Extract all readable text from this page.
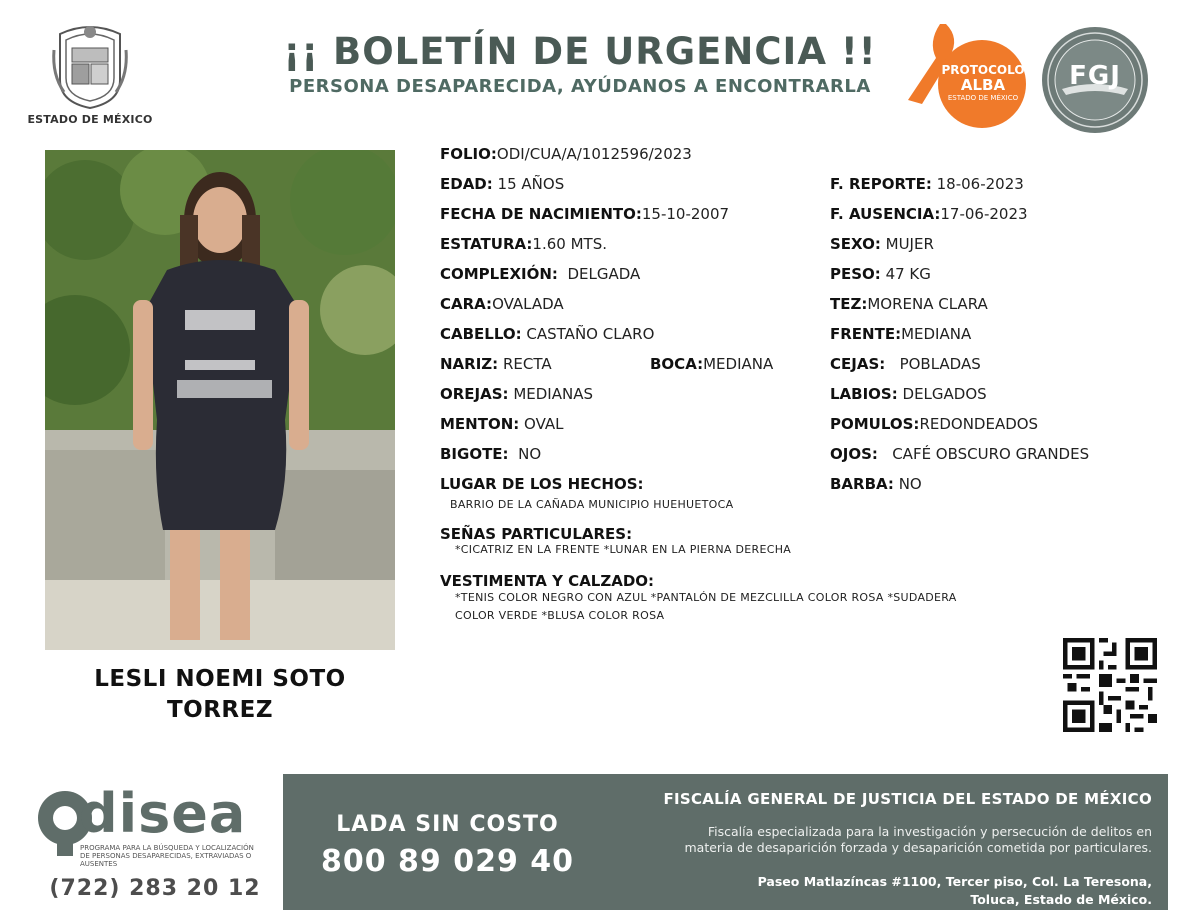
ESTADO DE MÉXICO
¡¡ BOLETÍN DE URGENCIA !!
PERSONA DESAPARECIDA, AYÚDANOS A ENCONTRARLA
PROTOCOLO
ALBA
ESTADO DE MÉXICO
FGJ
LESLI NOEMI SOTO
TORREZ
FOLIO:ODI/CUA/A/1012596/2023
EDAD: 15 AÑOS
FECHA DE NACIMIENTO:15-10-2007
ESTATURA:1.60 MTS.
COMPLEXIÓN: DELGADA
CARA:OVALADA
CABELLO: CASTAÑO CLARO
NARIZ: RECTA	BOCA:MEDIANA
OREJAS: MEDIANAS
MENTON: OVAL
BIGOTE: NO
F. REPORTE: 18-06-2023
F. AUSENCIA:17-06-2023
SEXO: MUJER
PESO: 47 KG
TEZ:MORENA CLARA
FRENTE:MEDIANA
CEJAS: POBLADAS
LABIOS: DELGADOS
POMULOS:REDONDEADOS
OJOS: CAFÉ OBSCURO GRANDES
BARBA: NO
LUGAR DE LOS HECHOS:
BARRIO DE LA CAÑADA MUNICIPIO HUEHUETOCA
SEÑAS PARTICULARES:
*CICATRIZ EN LA FRENTE *LUNAR EN LA PIERNA DERECHA
VESTIMENTA Y CALZADO:
*TENIS COLOR NEGRO CON AZUL *PANTALÓN DE MEZCLILLA COLOR ROSA *SUDADERA
COLOR VERDE *BLUSA COLOR ROSA
disea
PROGRAMA PARA LA BÚSQUEDA Y LOCALIZACIÓN
DE PERSONAS DESAPARECIDAS, EXTRAVIADAS O
AUSENTES
(722) 283 20 12
LADA SIN COSTO
800 89 029 40
FISCALÍA GENERAL DE JUSTICIA DEL ESTADO DE MÉXICO
Fiscalía especializada para la investigación y persecución de delitos en
materia de desaparición forzada y desaparición cometida por particulares.
Paseo Matlazíncas #1100, Tercer piso, Col. La Teresona,
Toluca, Estado de México.
